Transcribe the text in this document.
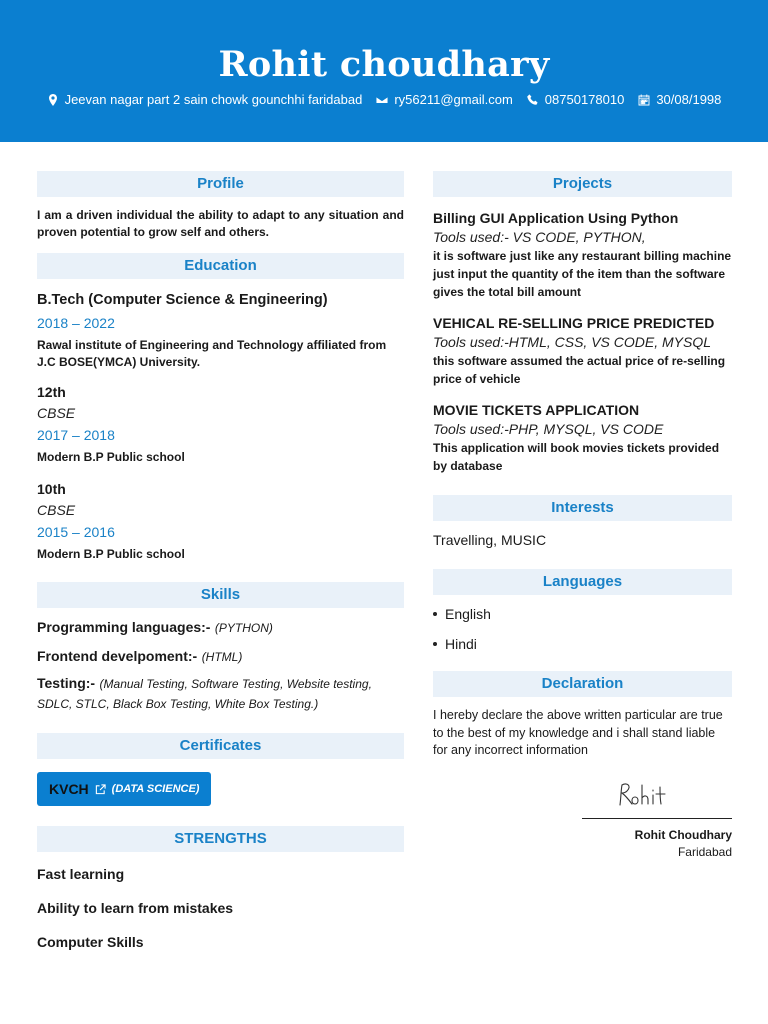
Rohit choudhary
Jeevan nagar part 2 sain chowk gounchhi faridabad ry56211@gmail.com 08750178010 30/08/1998
Profile

I am a driven individual the ability to adapt to any situation and proven potential to grow self and others.

Education
B.Tech (Computer Science & Engineering)
2018 – 2022
Rawal institute of Engineering and Technology affiliated from J.C BOSE(YMCA) University.
12th
CBSE
2017 – 2018
Modern B.P Public school
10th
CBSE
2015 – 2016
Modern B.P Public school
Skills
Programming languages:- (PYTHON)
Frontend develpoment:- (HTML)
Testing:- (Manual Testing, Software Testing, Website testing, SDLC, STLC, Black Box Testing, White Box Testing.)
Certificates
KVCH (DATA SCIENCE)
STRENGTHS
Fast learning
Ability to learn from mistakes
Computer Skills
Projects
Billing GUI Application Using Python
Tools used:- VS CODE, PYTHON,
it is software just like any restaurant billing machine just input the quantity of the item than the software gives the total bill amount
VEHICAL RE-SELLING PRICE PREDICTED
Tools used:-HTML, CSS, VS CODE, MYSQL
this software assumed the actual price of re-selling price of vehicle
MOVIE TICKETS APPLICATION
Tools used:-PHP, MYSQL, VS CODE
This application will book movies tickets provided by database
Interests
Travelling, MUSIC
Languages
English
Hindi
Declaration
I hereby declare the above written particular are true to the best of my knowledge and i shall stand liable for any incorrect information
Rohit Choudhary
Faridabad
